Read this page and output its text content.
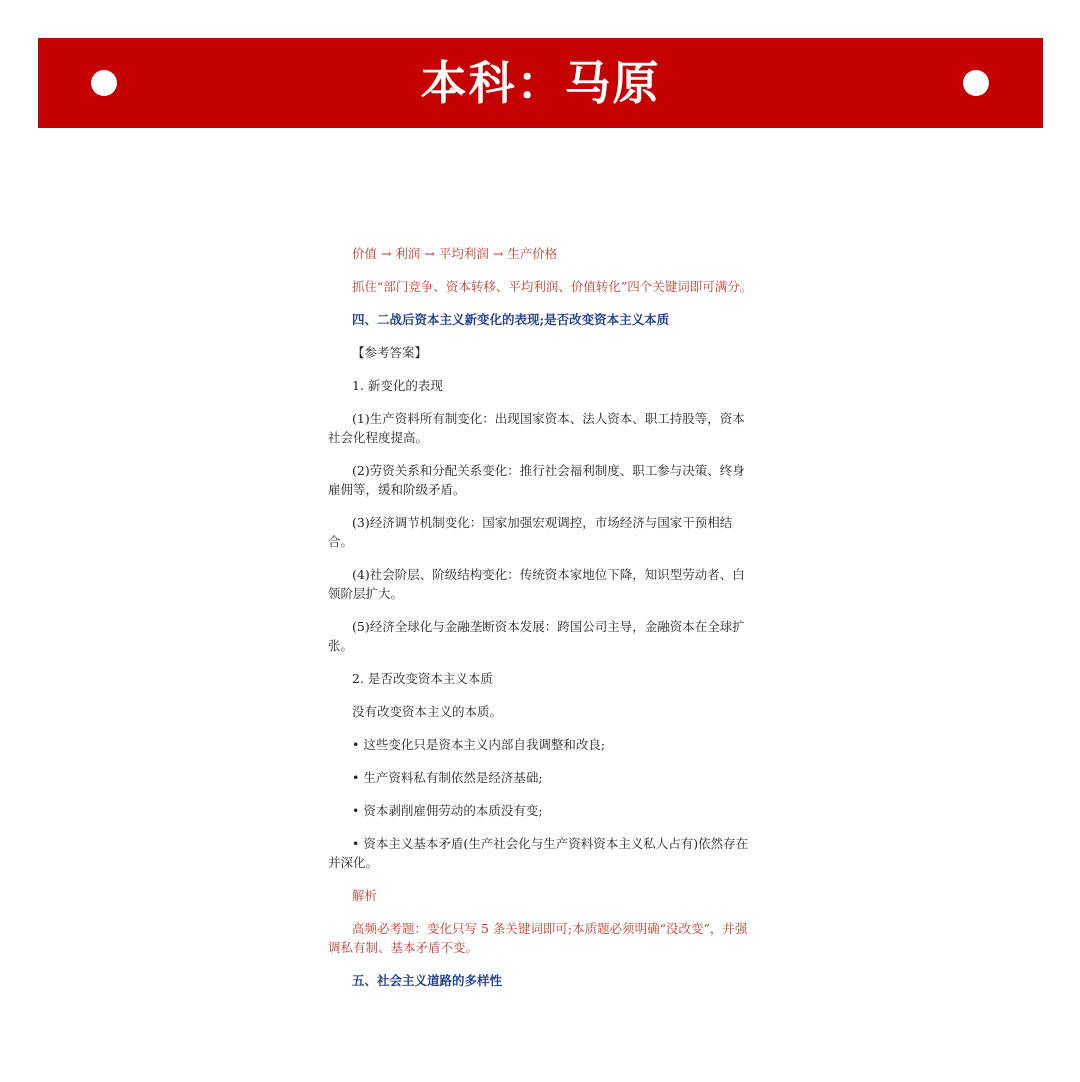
本科：马原

价值 → 利润 → 平均利润 → 生产价格

抓住“部门竞争、资本转移、平均利润、价值转化”四个关键词即可满分。

四、二战后资本主义新变化的表现;是否改变资本主义本质

【参考答案】

1. 新变化的表现

(1)生产资料所有制变化：出现国家资本、法人资本、职工持股等，资本社会化程度提高。

(2)劳资关系和分配关系变化：推行社会福利制度、职工参与决策、终身雇佣等，缓和阶级矛盾。

(3)经济调节机制变化：国家加强宏观调控，市场经济与国家干预相结合。

(4)社会阶层、阶级结构变化：传统资本家地位下降，知识型劳动者、白领阶层扩大。

(5)经济全球化与金融垄断资本发展：跨国公司主导，金融资本在全球扩张。

2. 是否改变资本主义本质

没有改变资本主义的本质。

• 这些变化只是资本主义内部自我调整和改良;

• 生产资料私有制依然是经济基础;

• 资本剥削雇佣劳动的本质没有变;

• 资本主义基本矛盾(生产社会化与生产资料资本主义私人占有)依然存在并深化。

解析

高频必考题：变化只写 5 条关键词即可;本质题必须明确“没改变”，并强调私有制、基本矛盾不变。

五、社会主义道路的多样性
